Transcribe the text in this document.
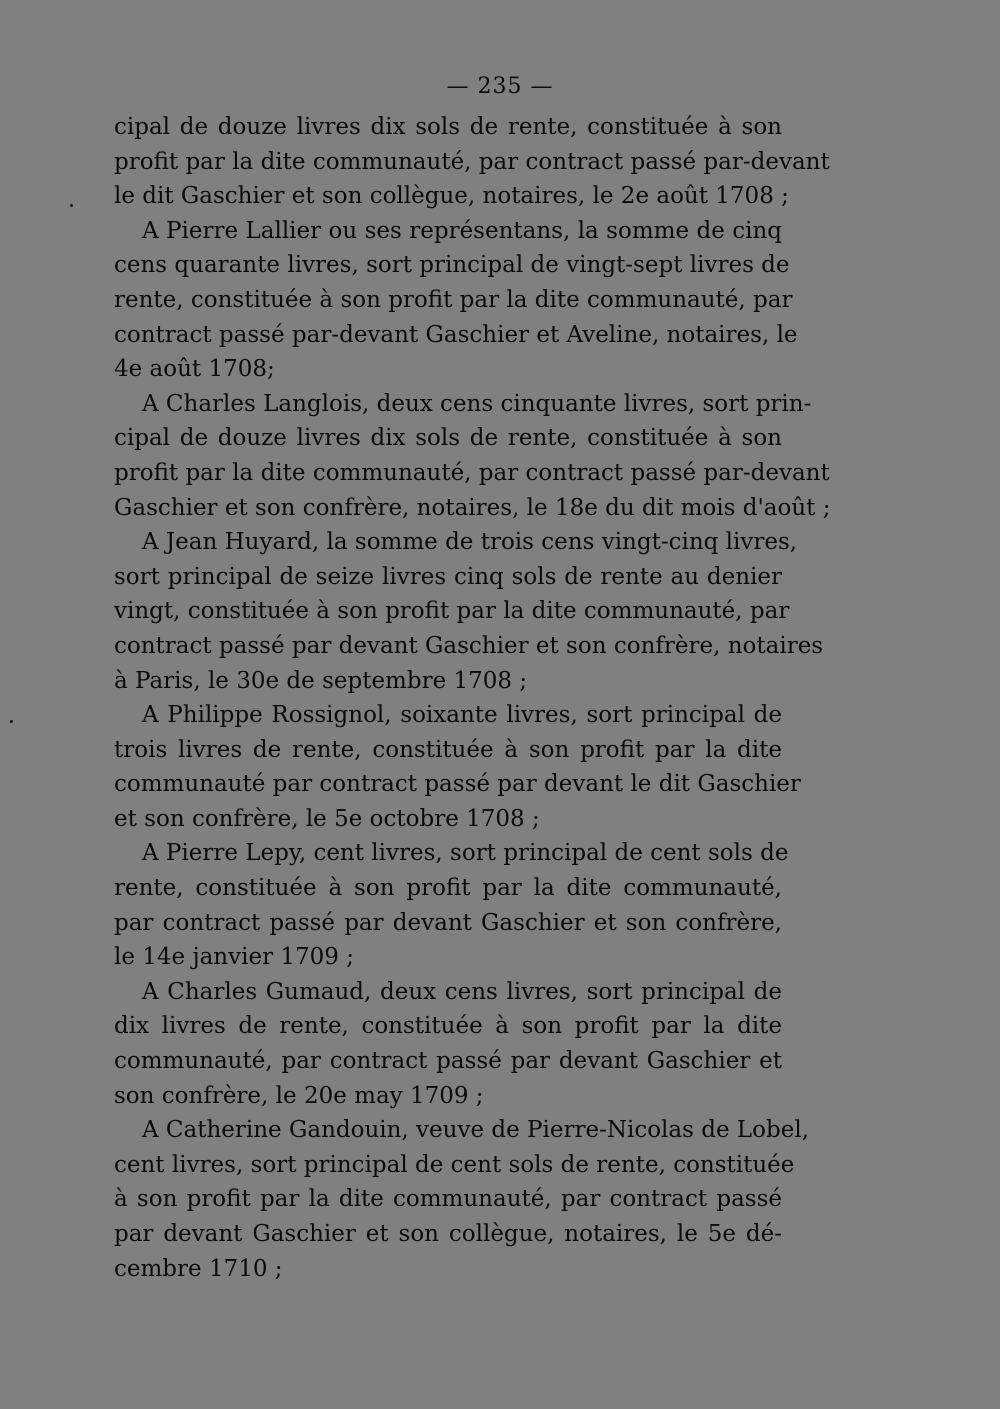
— 235 —
cipal de douze livres dix sols de rente, constituée à son
profit par la dite communauté, par contract passé par-devant
le dit Gaschier et son collègue, notaires, le 2e août 1708 ;
A Pierre Lallier ou ses représentans, la somme de cinq
cens quarante livres, sort principal de vingt-sept livres de
rente, constituée à son profit par la dite communauté, par
contract passé par-devant Gaschier et Aveline, notaires, le
4e août 1708;
A Charles Langlois, deux cens cinquante livres, sort prin-
cipal de douze livres dix sols de rente, constituée à son
profit par la dite communauté, par contract passé par-devant
Gaschier et son confrère, notaires, le 18e du dit mois d'août ;
A Jean Huyard, la somme de trois cens vingt-cinq livres,
sort principal de seize livres cinq sols de rente au denier
vingt, constituée à son profit par la dite communauté, par
contract passé par devant Gaschier et son confrère, notaires
à Paris, le 30e de septembre 1708 ;
A Philippe Rossignol, soixante livres, sort principal de
trois livres de rente, constituée à son profit par la dite
communauté par contract passé par devant le dit Gaschier
et son confrère, le 5e octobre 1708 ;
A Pierre Lepy, cent livres, sort principal de cent sols de
rente, constituée à son profit par la dite communauté,
par contract passé par devant Gaschier et son confrère,
le 14e janvier 1709 ;
A Charles Gumaud, deux cens livres, sort principal de
dix livres de rente, constituée à son profit par la dite
communauté, par contract passé par devant Gaschier et
son confrère, le 20e may 1709 ;
A Catherine Gandouin, veuve de Pierre-Nicolas de Lobel,
cent livres, sort principal de cent sols de rente, constituée
à son profit par la dite communauté, par contract passé
par devant Gaschier et son collègue, notaires, le 5e dé-
cembre 1710 ;
